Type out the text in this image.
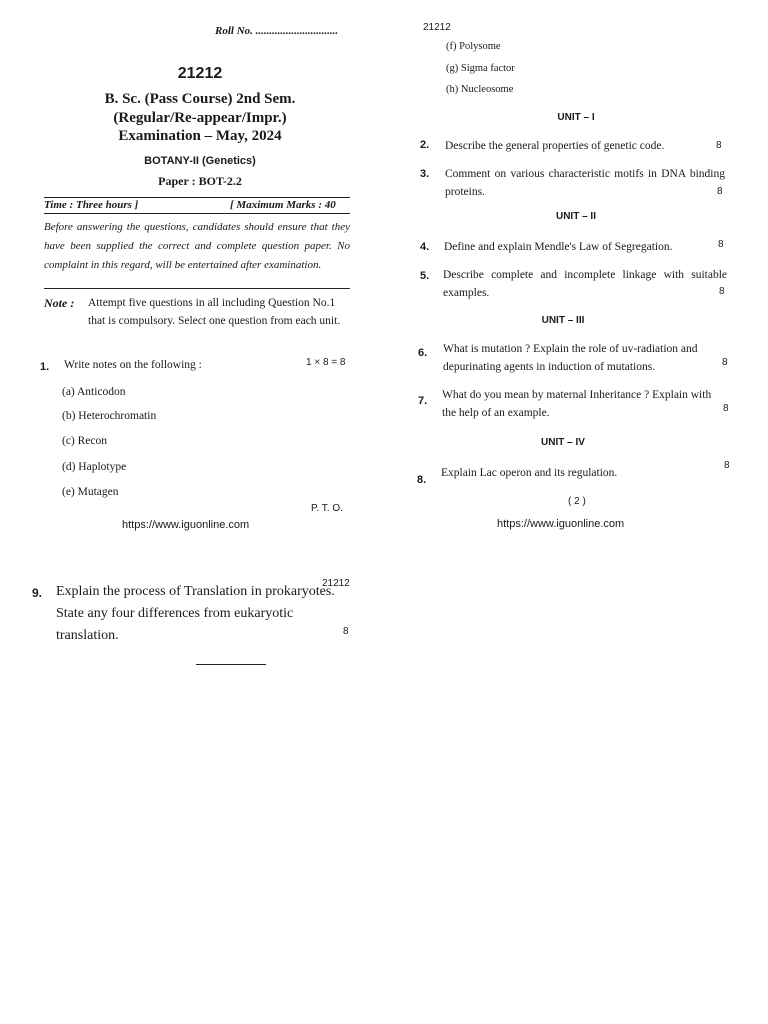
Roll No. ..............................
21212
B. Sc. (Pass Course) 2nd Sem.
(Regular/Re-appear/Impr.)
Examination – May, 2024
BOTANY-II (Genetics)
Paper : BOT-2.2
Time : Three hours ]	[ Maximum Marks : 40
Before answering the questions, candidates should ensure that they have been supplied the correct and complete question paper. No complaint in this regard, will be entertained after examination.
Note : Attempt five questions in all including Question No.1 that is compulsory. Select one question from each unit.
1. Write notes on the following :	1 × 8 = 8
(a) Anticodon
(b) Heterochromatin
(c) Recon
(d) Haplotype
(e) Mutagen
P. T. O.
https://www.iguonline.com
21212
(f) Polysome
(g) Sigma factor
(h) Nucleosome
UNIT – I
2. Describe the general properties of genetic code.	8
3. Comment on various characteristic motifs in DNA binding proteins.	8
UNIT – II
4. Define and explain Mendle's Law of Segregation.	8
5. Describe complete and incomplete linkage with suitable examples.	8
UNIT – III
6. What is mutation ? Explain the role of uv-radiation and depurinating agents in induction of mutations.	8
7. What do you mean by maternal Inheritance ? Explain with the help of an example.	8
UNIT – IV
8.
Explain Lac operon and its regulation.
8
( 2 )
https://www.iguonline.com
21212
9. Explain the process of Translation in prokaryotes. State any four differences from eukaryotic translation.	8
